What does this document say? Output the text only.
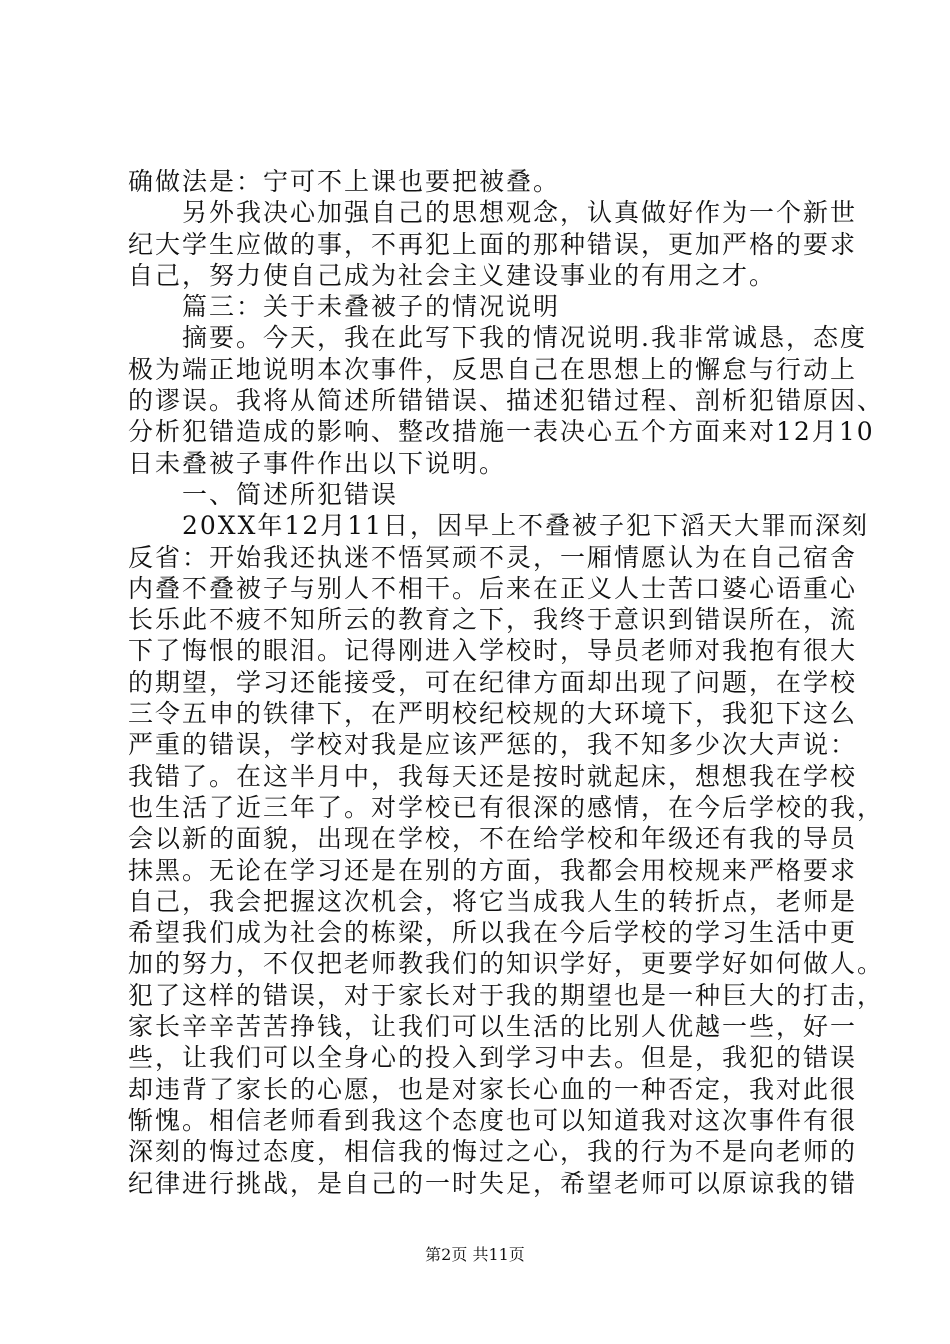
确做法是：宁可不上课也要把被叠。
　　另外我决心加强自己的思想观念，认真做好作为一个新世
纪大学生应做的事，不再犯上面的那种错误，更加严格的要求
自己，努力使自己成为社会主义建设事业的有用之才。
　　篇三：关于未叠被子的情况说明
　　摘要。今天，我在此写下我的情况说明.我非常诚恳，态度
极为端正地说明本次事件，反思自己在思想上的懈怠与行动上
的谬误。我将从简述所错错误、描述犯错过程、剖析犯错原因、
分析犯错造成的影响、整改措施一表决心五个方面来对12月10
日未叠被子事件作出以下说明。
　　一、简述所犯错误
　　20XX年12月11日，因早上不叠被子犯下滔天大罪而深刻
反省：开始我还执迷不悟冥顽不灵，一厢情愿认为在自己宿舍
内叠不叠被子与别人不相干。后来在正义人士苦口婆心语重心
长乐此不疲不知所云的教育之下，我终于意识到错误所在，流
下了悔恨的眼泪。记得刚进入学校时，导员老师对我抱有很大
的期望，学习还能接受，可在纪律方面却出现了问题，在学校
三令五申的铁律下，在严明校纪校规的大环境下，我犯下这么
严重的错误，学校对我是应该严惩的，我不知多少次大声说：
我错了。在这半月中，我每天还是按时就起床，想想我在学校
也生活了近三年了。对学校已有很深的感情，在今后学校的我，
会以新的面貌，出现在学校，不在给学校和年级还有我的导员
抹黑。无论在学习还是在别的方面，我都会用校规来严格要求
自己，我会把握这次机会，将它当成我人生的转折点，老师是
希望我们成为社会的栋梁，所以我在今后学校的学习生活中更
加的努力，不仅把老师教我们的知识学好，更要学好如何做人。
犯了这样的错误，对于家长对于我的期望也是一种巨大的打击，
家长辛辛苦苦挣钱，让我们可以生活的比别人优越一些，好一
些，让我们可以全身心的投入到学习中去。但是，我犯的错误
却违背了家长的心愿，也是对家长心血的一种否定，我对此很
惭愧。相信老师看到我这个态度也可以知道我对这次事件有很
深刻的悔过态度，相信我的悔过之心，我的行为不是向老师的
纪律进行挑战，是自己的一时失足，希望老师可以原谅我的错
第2页 共11页
